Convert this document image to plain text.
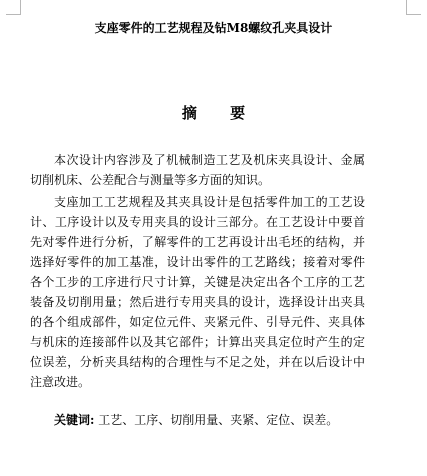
支座零件的工艺规程及钻M8螺纹孔夹具设计
摘 要

本次设计内容涉及了机械制造工艺及机床夹具设计、金属切削机床、公差配合与测量等多方面的知识。

支座加工工艺规程及其夹具设计是包括零件加工的工艺设计、工序设计以及专用夹具的设计三部分。在工艺设计中要首先对零件进行分析，了解零件的工艺再设计出毛坯的结构，并选择好零件的加工基准，设计出零件的工艺路线；接着对零件各个工步的工序进行尺寸计算，关键是决定出各个工序的工艺装备及切削用量；然后进行专用夹具的设计，选择设计出夹具的各个组成部件，如定位元件、夹紧元件、引导元件、夹具体与机床的连接部件以及其它部件；计算出夹具定位时产生的定位误差，分析夹具结构的合理性与不足之处，并在以后设计中注意改进。

关键词: 工艺、工序、切削用量、夹紧、定位、误差。
